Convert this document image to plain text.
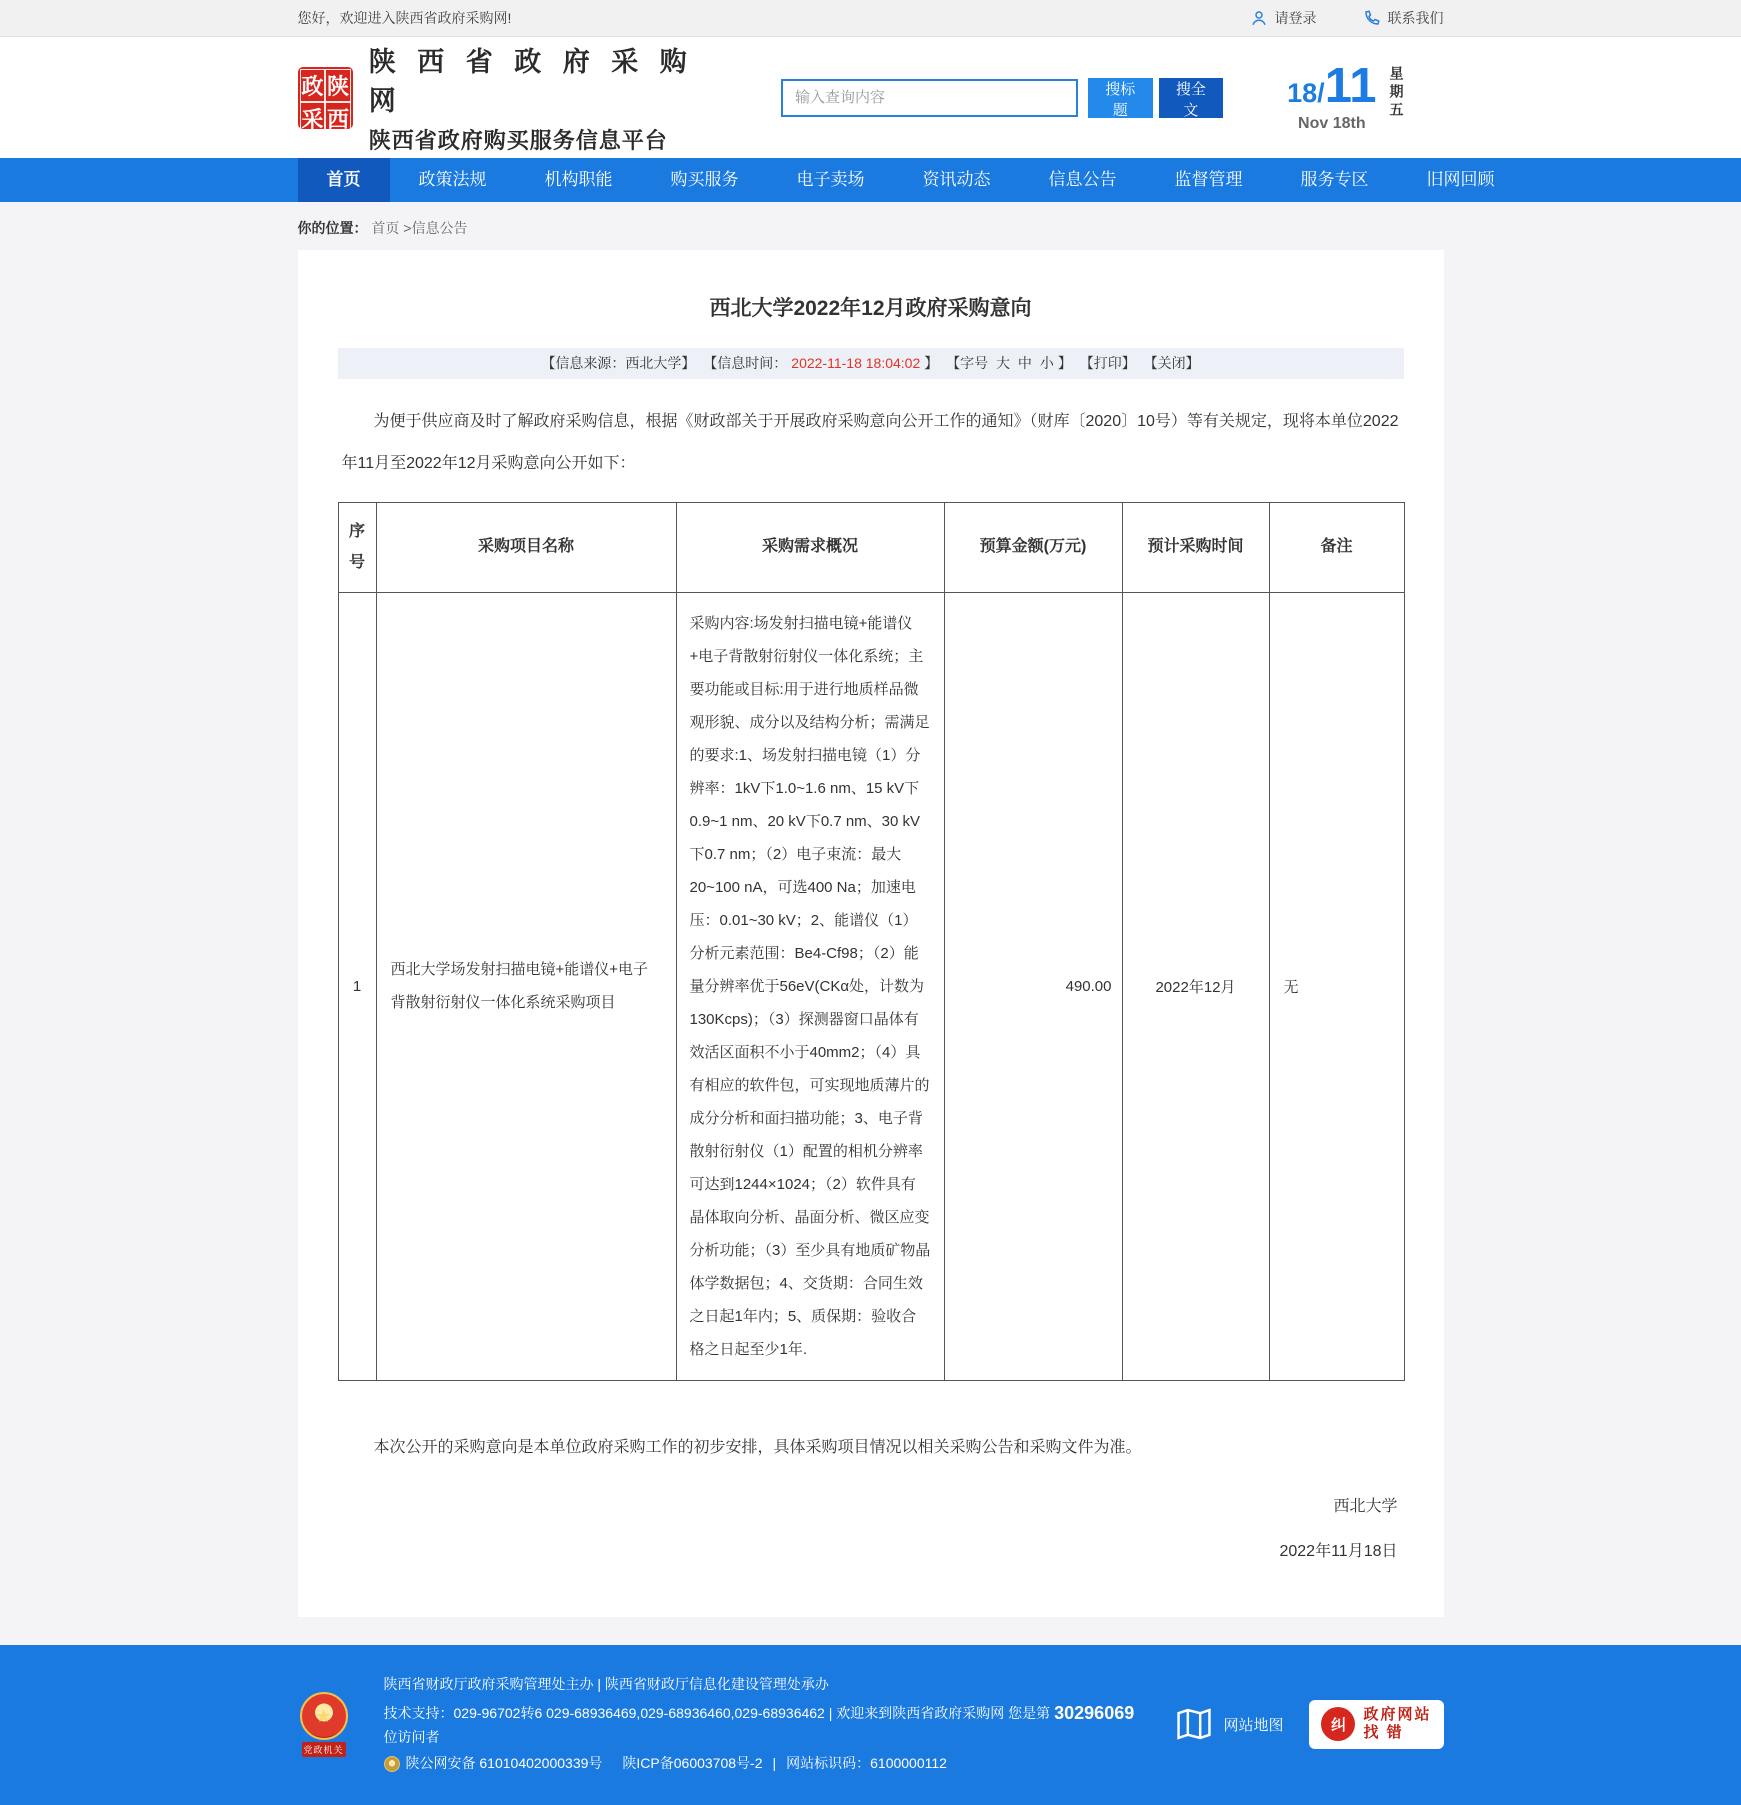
您好，欢迎进入陕西省政府采购网!	请登录	联系我们
政 陕
采 西
陕 西 省 政 府 采 购 网
陕西省政府购买服务信息平台
输入查询内容
搜标题
搜全文
18/11
Nov 18th
星期五
首页	政策法规	机构职能	购买服务	电子卖场	资讯动态	信息公告	监督管理	服务专区	旧网回顾
你的位置： 首页 >信息公告
西北大学2022年12月政府采购意向
【信息来源：西北大学】 【信息时间： 2022-11-18 18:04:02 】 【字号 大 中 小 】 【打印】 【关闭】

为便于供应商及时了解政府采购信息，根据《财政部关于开展政府采购意向公开工作的通知》（财库〔2020〕10号）等有关规定，现将本单位2022年11月至2022年12月采购意向公开如下：

序号	采购项目名称	采购需求概况	预算金额(万元)	预计采购时间	备注
1	西北大学场发射扫描电镜+能谱仪+电子背散射衍射仪一体化系统采购项目	采购内容:场发射扫描电镜+能谱仪+电子背散射衍射仪一体化系统；主要功能或目标:用于进行地质样品微观形貌、成分以及结构分析；需满足的要求:1、场发射扫描电镜（1）分辨率：1kV下1.0~1.6 nm、15 kV下0.9~1 nm、20 kV下0.7 nm、30 kV下0.7 nm；（2）电子束流：最大20~100 nA，可选400 Na；加速电压：0.01~30 kV；2、能谱仪（1）分析元素范围：Be4-Cf98；（2）能量分辨率优于56eV(CKα处，计数为130Kcps)；（3）探测器窗口晶体有效活区面积不小于40mm2；（4）具有相应的软件包，可实现地质薄片的成分分析和面扫描功能；3、电子背散射衍射仪（1）配置的相机分辨率可达到1244×1024；（2）软件具有晶体取向分析、晶面分析、微区应变分析功能；（3）至少具有地质矿物晶体学数据包；4、交货期：合同生效之日起1年内；5、质保期：验收合格之日起至少1年.	490.00	2022年12月	无

本次公开的采购意向是本单位政府采购工作的初步安排，具体采购项目情况以相关采购公告和采购文件为准。

西北大学
2022年11月18日
★
党政机关
陕西省财政厅政府采购管理处主办 | 陕西省财政厅信息化建设管理处承办
技术支持：029-96702转6 029-68936469,029-68936460,029-68936462 | 欢迎来到陕西省政府采购网 您是第 30296069
位访问者
陕公网安备 61010402000339号 陕ICP备06003708号-2 | 网站标识码：6100000112
网站地图	纠
政府网站
找 错
